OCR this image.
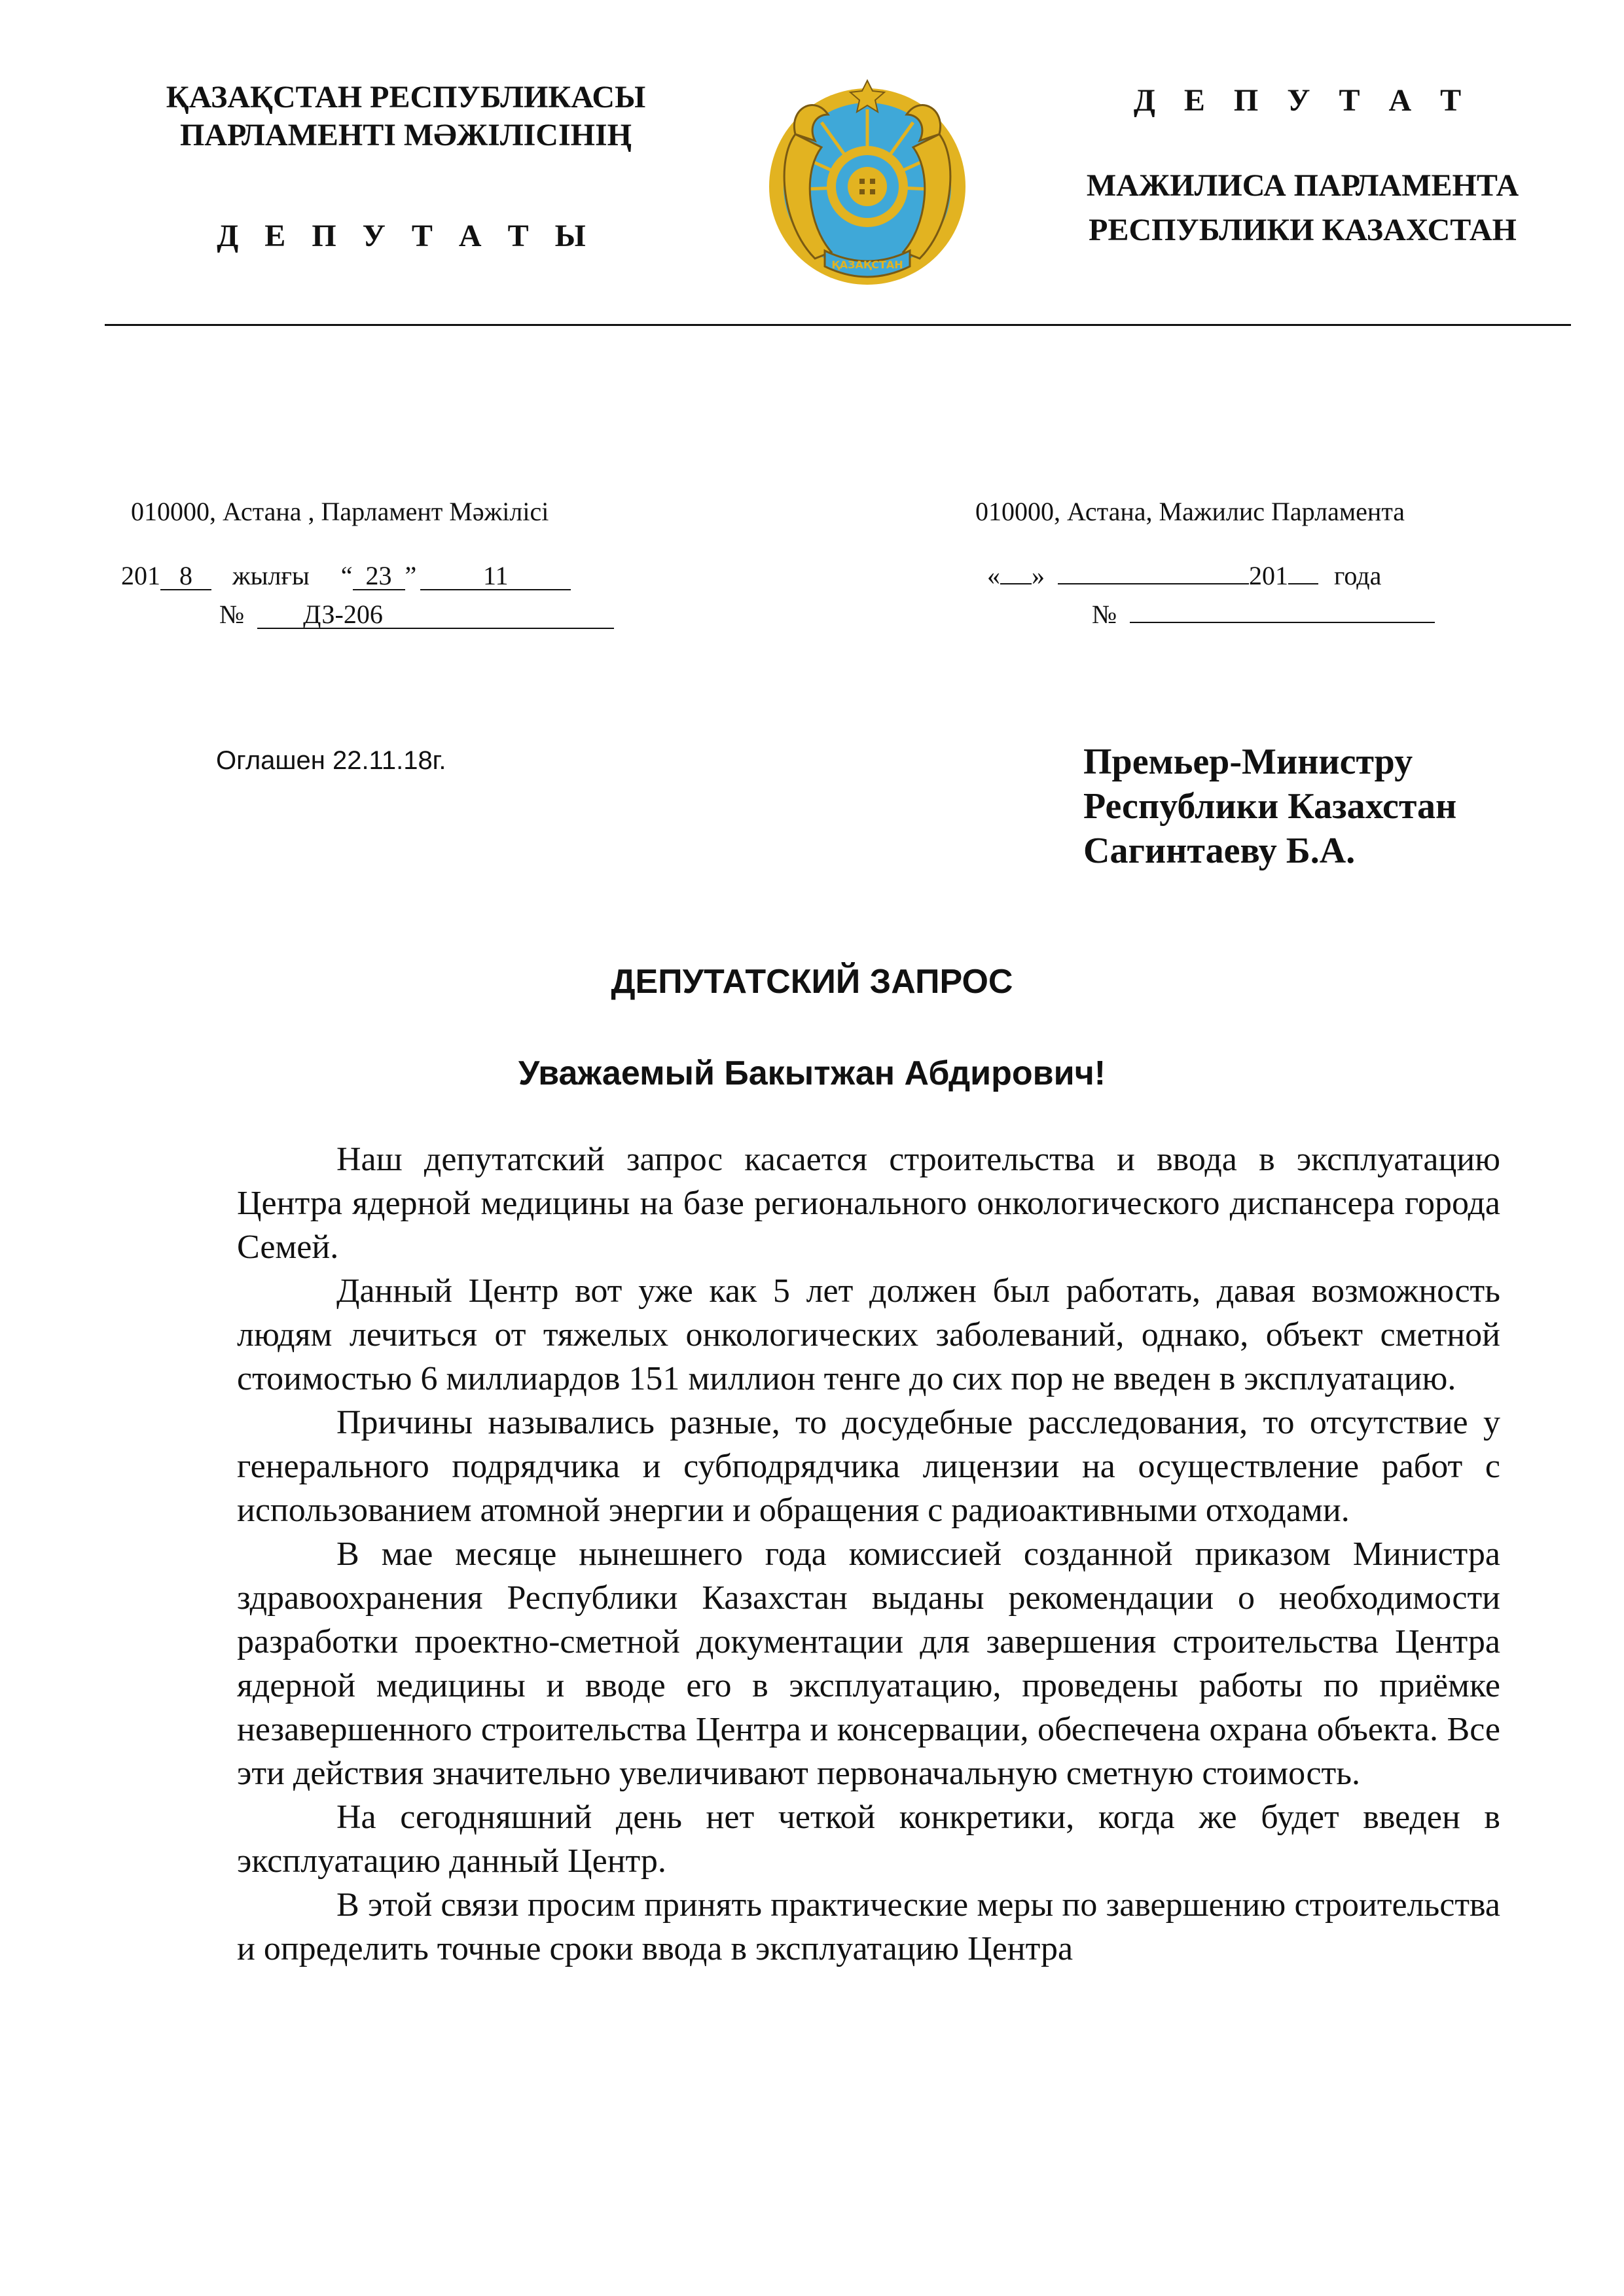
ҚАЗАҚСТАН РЕСПУБЛИКАСЫ
ПАРЛАМЕНТІ МӘЖІЛІСІНІҢ
Д Е П У Т А Т Ы
ҚАЗАҚСТАН
Д Е П У Т А Т
МАЖИЛИСА ПАРЛАМЕНТА
РЕСПУБЛИКИ КАЗАХСТАН
010000, Астана , Парламент Мәжілісі	010000, Астана, Мажилис Парламента
201 8 жылғы “ 23 ”	11
№ ДЗ-206
« »	201 года
№
Оглашен 22.11.18г.	Премьер-Министру
Республики Казахстан
Сагинтаеву Б.А.
ДЕПУТАТСКИЙ ЗАПРОС
Уважаемый Бакытжан Абдирович!

Наш депутатский запрос касается строительства и ввода в эксплуатацию Центра ядерной медицины на базе регионального онкологического диспансера города Семей.

Данный Центр вот уже как 5 лет должен был работать, давая возможность людям лечиться от тяжелых онкологических заболеваний, однако, объект сметной стоимостью 6 миллиардов 151 миллион тенге до сих пор не введен в эксплуатацию.

Причины назывались разные, то досудебные расследования, то отсутствие у генерального подрядчика и субподрядчика лицензии на осуществление работ с использованием атомной энергии и обращения с радиоактивными отходами.

В мае месяце нынешнего года комиссией созданной приказом Министра здравоохранения Республики Казахстан выданы рекомендации о необходимости разработки проектно-сметной документации для завершения строительства Центра ядерной медицины и вводе его в эксплуатацию, проведены работы по приёмке незавершенного строительства Центра и консервации, обеспечена охрана объекта. Все эти действия значительно увеличивают первоначальную сметную стоимость.

На сегодняшний день нет четкой конкретики, когда же будет введен в эксплуатацию данный Центр.

В этой связи просим принять практические меры по завершению строительства и определить точные сроки ввода в эксплуатацию Центра
